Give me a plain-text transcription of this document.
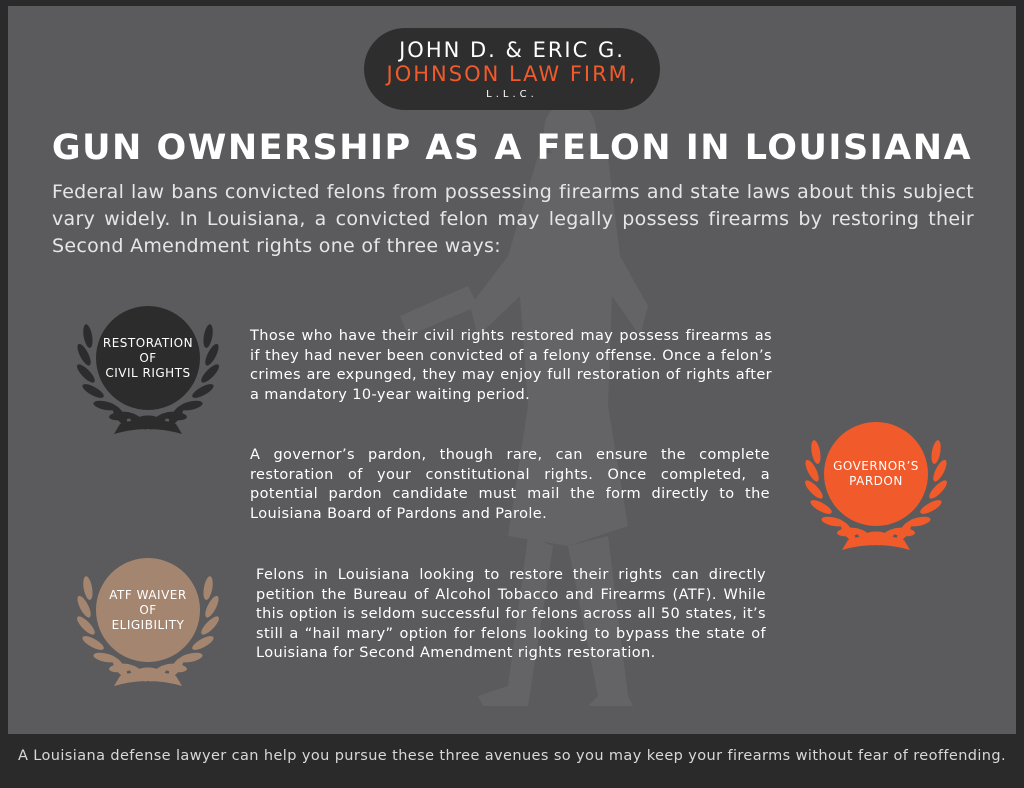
JOHN D. & ERIC G.
JOHNSON LAW FIRM,
L.L.C.
GUN OWNERSHIP AS A FELON IN LOUISIANA
Federal law bans convicted felons from possessing firearms and state laws about this subject vary widely. In Louisiana, a convicted felon may legally possess firearms by restoring their Second Amendment rights one of three ways:
RESTORATION
OF
CIVIL RIGHTS
Those who have their civil rights restored may possess firearms as if they had never been convicted of a felony offense. Once a felon’s crimes are expunged, they may enjoy full restoration of rights after a mandatory 10-year waiting period.
A governor’s pardon, though rare, can ensure the complete restoration of your constitutional rights. Once completed, a potential pardon candidate must mail the form directly to the Louisiana Board of Pardons and Parole.
GOVERNOR’S
PARDON
ATF WAIVER
OF
ELIGIBILITY
Felons in Louisiana looking to restore their rights can directly petition the Bureau of Alcohol Tobacco and Firearms (ATF). While this option is seldom successful for felons across all 50 states, it’s still a “hail mary” option for felons looking to bypass the state of Louisiana for Second Amendment rights restoration.
A Louisiana defense lawyer can help you pursue these three avenues so you may keep your firearms without fear of reoffending.
